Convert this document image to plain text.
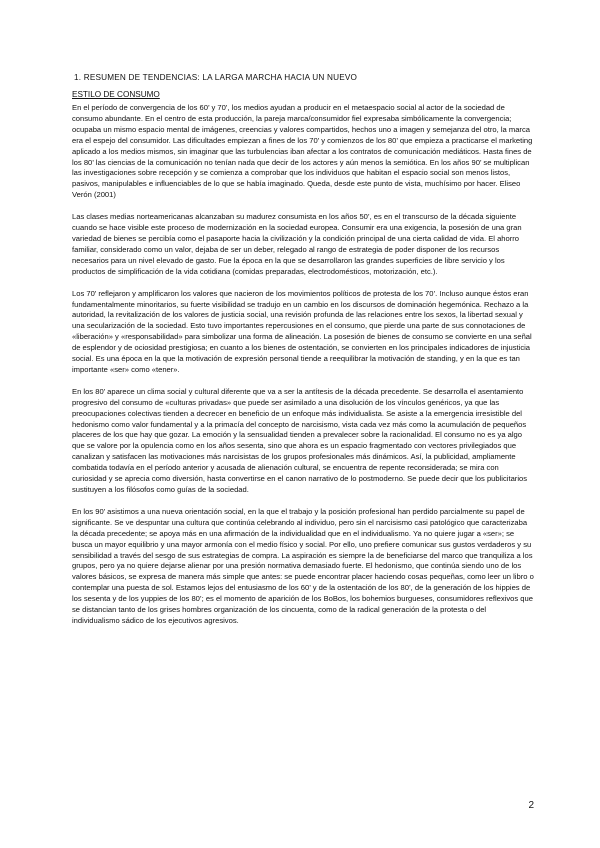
1. RESUMEN DE TENDENCIAS: LA LARGA MARCHA HACIA UN NUEVO

ESTILO DE CONSUMO

En el período de convergencia de los 60’ y 70’, los medios ayudan a producir en el metaespacio social al actor de la sociedad de consumo abundante. En el centro de esta producción, la pareja marca/consumidor fiel expresaba simbólicamente la convergencia; ocupaba un mismo espacio mental de imágenes, creencias y valores compartidos, hechos uno a imagen y semejanza del otro, la marca era el espejo del consumidor. Las dificultades empiezan a fines de los 70’ y comienzos de los 80’ que empieza a practicarse el marketing aplicado a los medios mismos, sin imaginar que las turbulencias iban afectar a los contratos de comunicación mediáticos. Hasta fines de los 80’ las ciencias de la comunicación no tenían nada que decir de los actores y aún menos la semiótica. En los años 90’ se multiplican las investigaciones sobre recepción y se comienza a comprobar que los individuos que habitan el espacio social son menos listos, pasivos, manipulables e influenciables de lo que se había imaginado. Queda, desde este punto de vista, muchísimo por hacer. Eliseo Verón (2001)

Las clases medias norteamericanas alcanzaban su madurez consumista en los años 50’, es en el transcurso de la década siguiente cuando se hace visible este proceso de modernización en la sociedad europea. Consumir era una exigencia, la posesión de una gran variedad de bienes se percibía como el pasaporte hacia la civilización y la condición principal de una cierta calidad de vida. El ahorro familiar, considerado como un valor, dejaba de ser un deber, relegado al rango de estrategia de poder disponer de los recursos necesarios para un nivel elevado de gasto. Fue la época en la que se desarrollaron las grandes superficies de libre servicio y los productos de simplificación de la vida cotidiana (comidas preparadas, electrodomésticos, motorización, etc.).

Los 70’ reflejaron y amplificaron los valores que nacieron de los movimientos políticos de protesta de los 70’. Incluso aunque éstos eran fundamentalmente minoritarios, su fuerte visibilidad se tradujo en un cambio en los discursos de dominación hegemónica. Rechazo a la autoridad, la revitalización de los valores de justicia social, una revisión profunda de las relaciones entre los sexos, la libertad sexual y una secularización de la sociedad. Esto tuvo importantes repercusiones en el consumo, que pierde una parte de sus connotaciones de «liberación» y «responsabilidad» para simbolizar una forma de alineación. La posesión de bienes de consumo se convierte en una señal de esplendor y de ociosidad prestigiosa; en cuanto a los bienes de ostentación, se convierten en los principales indicadores de injusticia social. Es una época en la que la motivación de expresión personal tiende a reequilibrar la motivación de standing, y en la que es tan importante «ser» como «tener».

En los 80’ aparece un clima social y cultural diferente que va a ser la antítesis de la década precedente. Se desarrolla el asentamiento progresivo del consumo de «culturas privadas» que puede ser asimilado a una disolución de los vínculos genéricos, ya que las preocupaciones colectivas tienden a decrecer en beneficio de un enfoque más individualista. Se asiste a la emergencia irresistible del hedonismo como valor fundamental y a la primacía del concepto de narcisismo, vista cada vez más como la acumulación de pequeños placeres de los que hay que gozar. La emoción y la sensualidad tienden a prevalecer sobre la racionalidad. El consumo no es ya algo que se valore por la opulencia como en los años sesenta, sino que ahora es un espacio fragmentado con vectores privilegiados que canalizan y satisfacen las motivaciones más narcisistas de los grupos profesionales más dinámicos. Así, la publicidad, ampliamente combatida todavía en el período anterior y acusada de alienación cultural, se encuentra de repente reconsiderada; se mira con curiosidad y se aprecia como diversión, hasta convertirse en el canon narrativo de lo postmoderno. Se puede decir que los publicitarios sustituyen a los filósofos como guías de la sociedad.

En los 90’ asistimos a una nueva orientación social, en la que el trabajo y la posición profesional han perdido parcialmente su papel de significante. Se ve despuntar una cultura que continúa celebrando al individuo, pero sin el narcisismo casi patológico que caracterizaba la década precedente; se apoya más en una afirmación de la individualidad que en el individualismo. Ya no quiere jugar a «ser»; se busca un mayor equilibrio y una mayor armonía con el medio físico y social. Por ello, uno prefiere comunicar sus gustos verdaderos y su sensibilidad a través del sesgo de sus estrategias de compra. La aspiración es siempre la de beneficiarse del marco que tranquiliza a los grupos, pero ya no quiere dejarse alienar por una presión normativa demasiado fuerte. El hedonismo, que continúa siendo uno de los valores básicos, se expresa de manera más simple que antes: se puede encontrar placer haciendo cosas pequeñas, como leer un libro o contemplar una puesta de sol. Estamos lejos del entusiasmo de los 60’ y de la ostentación de los 80’, de la generación de los hippies de los sesenta y de los yuppies de los 80’; es el momento de aparición de los BoBos, los bohemios burgueses, consumidores reflexivos que se distancian tanto de los grises hombres organización de los cincuenta, como de la radical generación de la protesta o del individualismo sádico de los ejecutivos agresivos.

2
